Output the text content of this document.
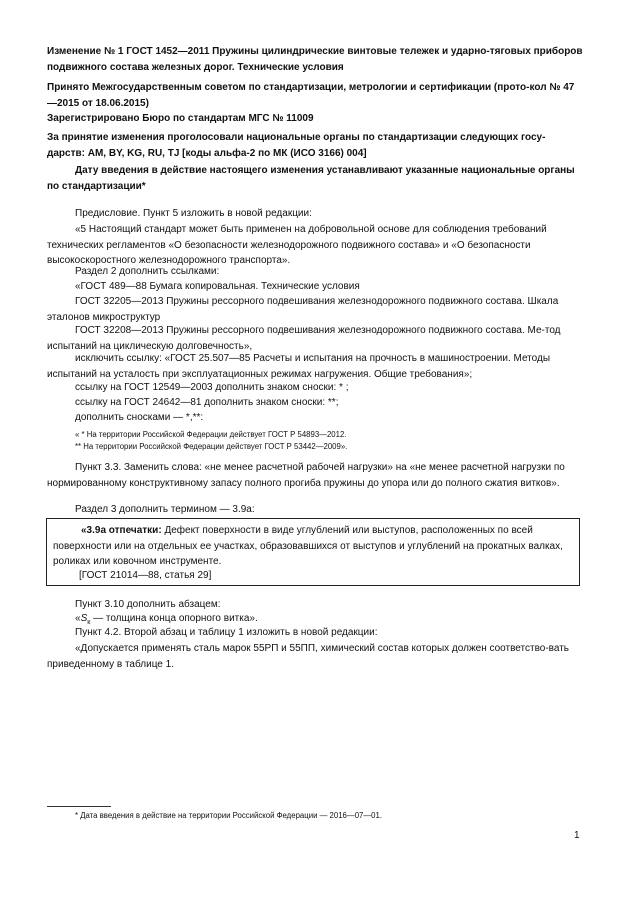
Изменение № 1 ГОСТ 1452—2011 Пружины цилиндрические винтовые тележек и ударно-тяговых приборов подвижного состава железных дорог. Технические условия

Принято Межгосударственным советом по стандартизации, метрологии и сертификации (прото-кол № 47—2015 от 18.06.2015)

Зарегистрировано Бюро по стандартам МГС № 11009

За принятие изменения проголосовали национальные органы по стандартизации следующих госу-дарств: AM, BY, KG, RU, TJ [коды альфа-2 по МК (ИСО 3166) 004]

Дату введения в действие настоящего изменения устанавливают указанные национальные органы по стандартизации*

Предисловие. Пункт 5 изложить в новой редакции:

«5 Настоящий стандарт может быть применен на добровольной основе для соблюдения требований технических регламентов «О безопасности железнодорожного подвижного состава» и «О безопасности высокоскоростного железнодорожного транспорта».

Раздел 2 дополнить ссылками:

«ГОСТ 489—88 Бумага копировальная. Технические условия

ГОСТ 32205—2013 Пружины рессорного подвешивания железнодорожного подвижного состава. Шкала эталонов микроструктур

ГОСТ 32208—2013 Пружины рессорного подвешивания железнодорожного подвижного состава. Ме-тод испытаний на циклическую долговечность»,

исключить ссылку: «ГОСТ 25.507—85 Расчеты и испытания на прочность в машиностроении. Методы испытаний на усталость при эксплуатационных режимах нагружения. Общие требования»;

ссылку на ГОСТ 12549—2003 дополнить знаком сноски: * ;

ссылку на ГОСТ 24642—81 дополнить знаком сноски: **;

дополнить сносками — *,**:

« * На территории Российской Федерации действует ГОСТ Р 54893—2012.

** На территории Российской Федерации действует ГОСТ Р 53442—2009».

Пункт 3.3. Заменить слова: «не менее расчетной рабочей нагрузки» на «не менее расчетной нагрузки по нормированному конструктивному запасу полного прогиба пружины до упора или до полного сжатия витков».

Раздел 3 дополнить термином — 3.9а:

«3.9а отпечатки: Дефект поверхности в виде углублений или выступов, расположенных по всей поверхности или на отдельных ее участках, образовавшихся от выступов и углублений на прокатных валках, роликах или ковочном инструменте.

[ГОСТ 21014—88, статья 29]

Пункт 3.10 дополнить абзацем:

«$S_к$ — толщина конца опорного витка».

Пункт 4.2. Второй абзац и таблицу 1 изложить в новой редакции:

«Допускается применять сталь марок 55РП и 55ПП, химический состав которых должен соответство-вать приведенному в таблице 1.

* Дата введения в действие на территории Российской Федерации — 2016—07—01.

1
